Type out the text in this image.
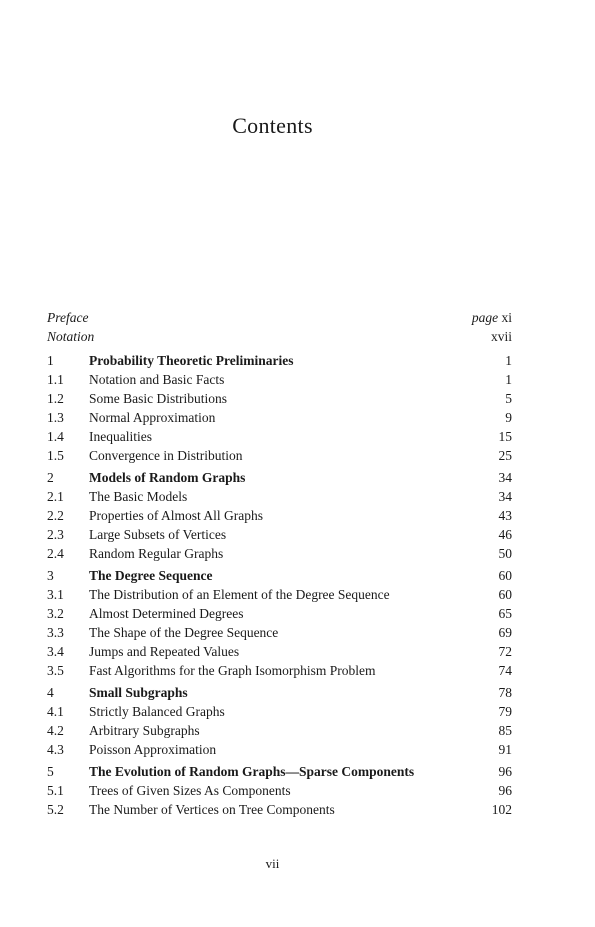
Contents
Preface	page xi
Notation	xvii
1	Probability Theoretic Preliminaries	1
1.1 Notation and Basic Facts	1
1.2 Some Basic Distributions	5
1.3 Normal Approximation	9
1.4 Inequalities	15
1.5 Convergence in Distribution	25
2	Models of Random Graphs	34
2.1 The Basic Models	34
2.2 Properties of Almost All Graphs	43
2.3 Large Subsets of Vertices	46
2.4 Random Regular Graphs	50
3	The Degree Sequence	60
3.1 The Distribution of an Element of the Degree Sequence	60
3.2 Almost Determined Degrees	65
3.3 The Shape of the Degree Sequence	69
3.4 Jumps and Repeated Values	72
3.5 Fast Algorithms for the Graph Isomorphism Problem	74
4	Small Subgraphs	78
4.1 Strictly Balanced Graphs	79
4.2 Arbitrary Subgraphs	85
4.3 Poisson Approximation	91
5	The Evolution of Random Graphs—Sparse Components	96
5.1 Trees of Given Sizes As Components	96
5.2 The Number of Vertices on Tree Components	102
vii
